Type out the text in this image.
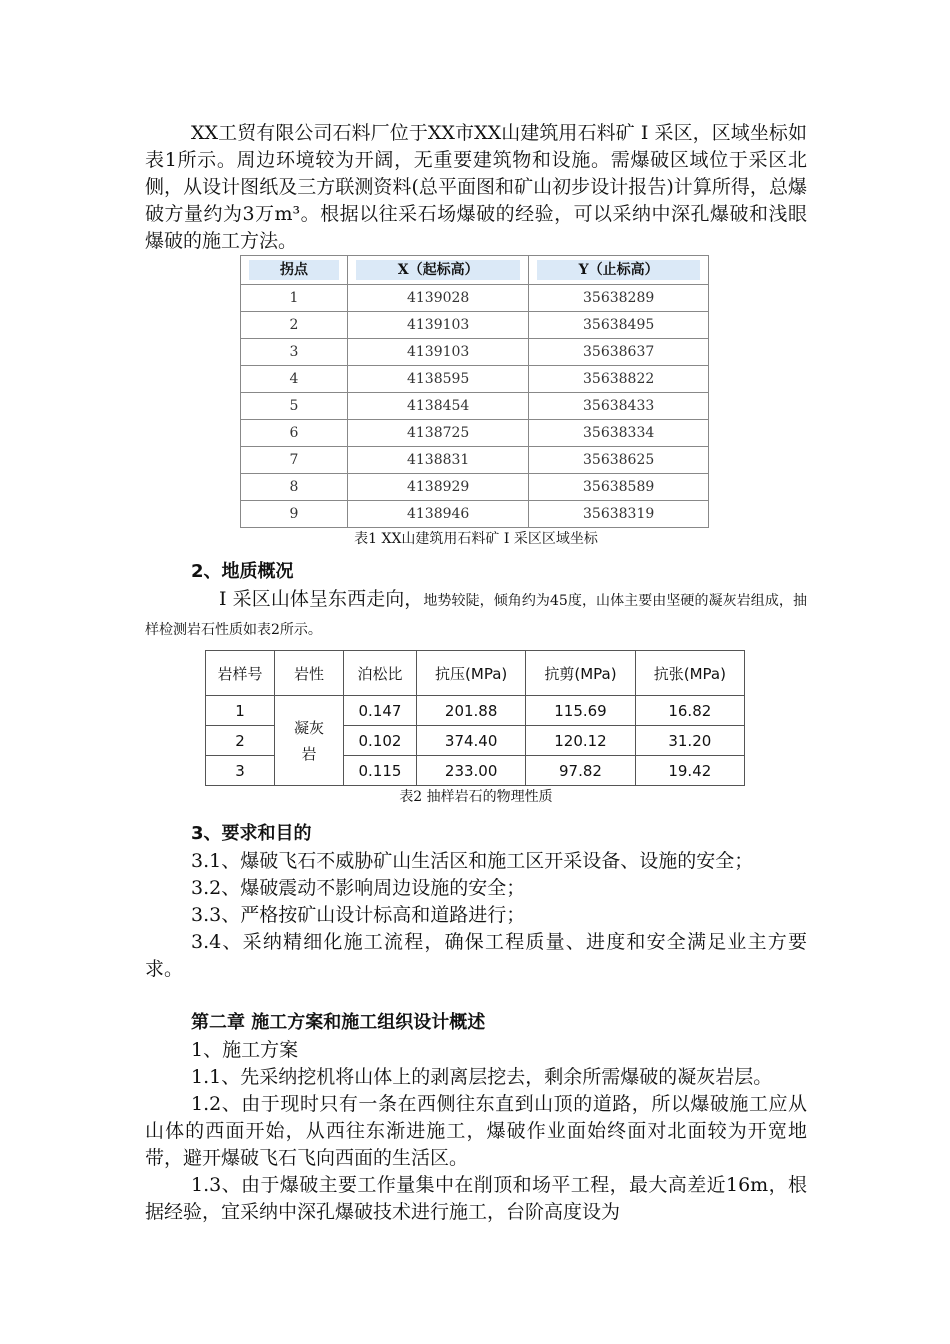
XX工贸有限公司石料厂位于XX市XX山建筑用石料矿 Ⅰ 采区，区域坐标如表1所示。周边环境较为开阔，无重要建筑物和设施。需爆破区域位于采区北侧，从设计图纸及三方联测资料(总平面图和矿山初步设计报告)计算所得，总爆破方量约为3万m³。根据以往采石场爆破的经验，可以采纳中深孔爆破和浅眼爆破的施工方法。

拐点	X（起标高）	Y（止标高）

1	4139028	35638289
2	4139103	35638495
3	4139103	35638637
4	4138595	35638822
5	4138454	35638433
6	4138725	35638334
7	4138831	35638625
8	4138929	35638589
9	4138946	35638319
表1 XX山建筑用石料矿 Ⅰ 采区区域坐标
2、地质概况

Ⅰ 采区山体呈东西走向，地势较陡，倾角约为45度，山体主要由坚硬的凝灰岩组成，抽样检测岩石性质如表2所示。

岩样号	岩性	泊松比	抗压(MPa)	抗剪(MPa)	抗张(MPa)
1	凝灰岩	0.147	201.88	115.69	16.82
2		0.102	374.40	120.12	31.20
3		0.115	233.00	97.82	19.42
表2 抽样岩石的物理性质
3、要求和目的

3.1、爆破飞石不威胁矿山生活区和施工区开采设备、设施的安全；

3.2、爆破震动不影响周边设施的安全；

3.3、严格按矿山设计标高和道路进行；

3.4、采纳精细化施工流程，确保工程质量、进度和安全满足业主方要求。

第二章 施工方案和施工组织设计概述
1、施工方案

1.1、先采纳挖机将山体上的剥离层挖去，剩余所需爆破的凝灰岩层。

1.2、由于现时只有一条在西侧往东直到山顶的道路，所以爆破施工应从山体的西面开始，从西往东渐进施工，爆破作业面始终面对北面较为开宽地带，避开爆破飞石飞向西面的生活区。

1.3、由于爆破主要工作量集中在削顶和场平工程，最大高差近16m，根据经验，宜采纳中深孔爆破技术进行施工，台阶高度设为
